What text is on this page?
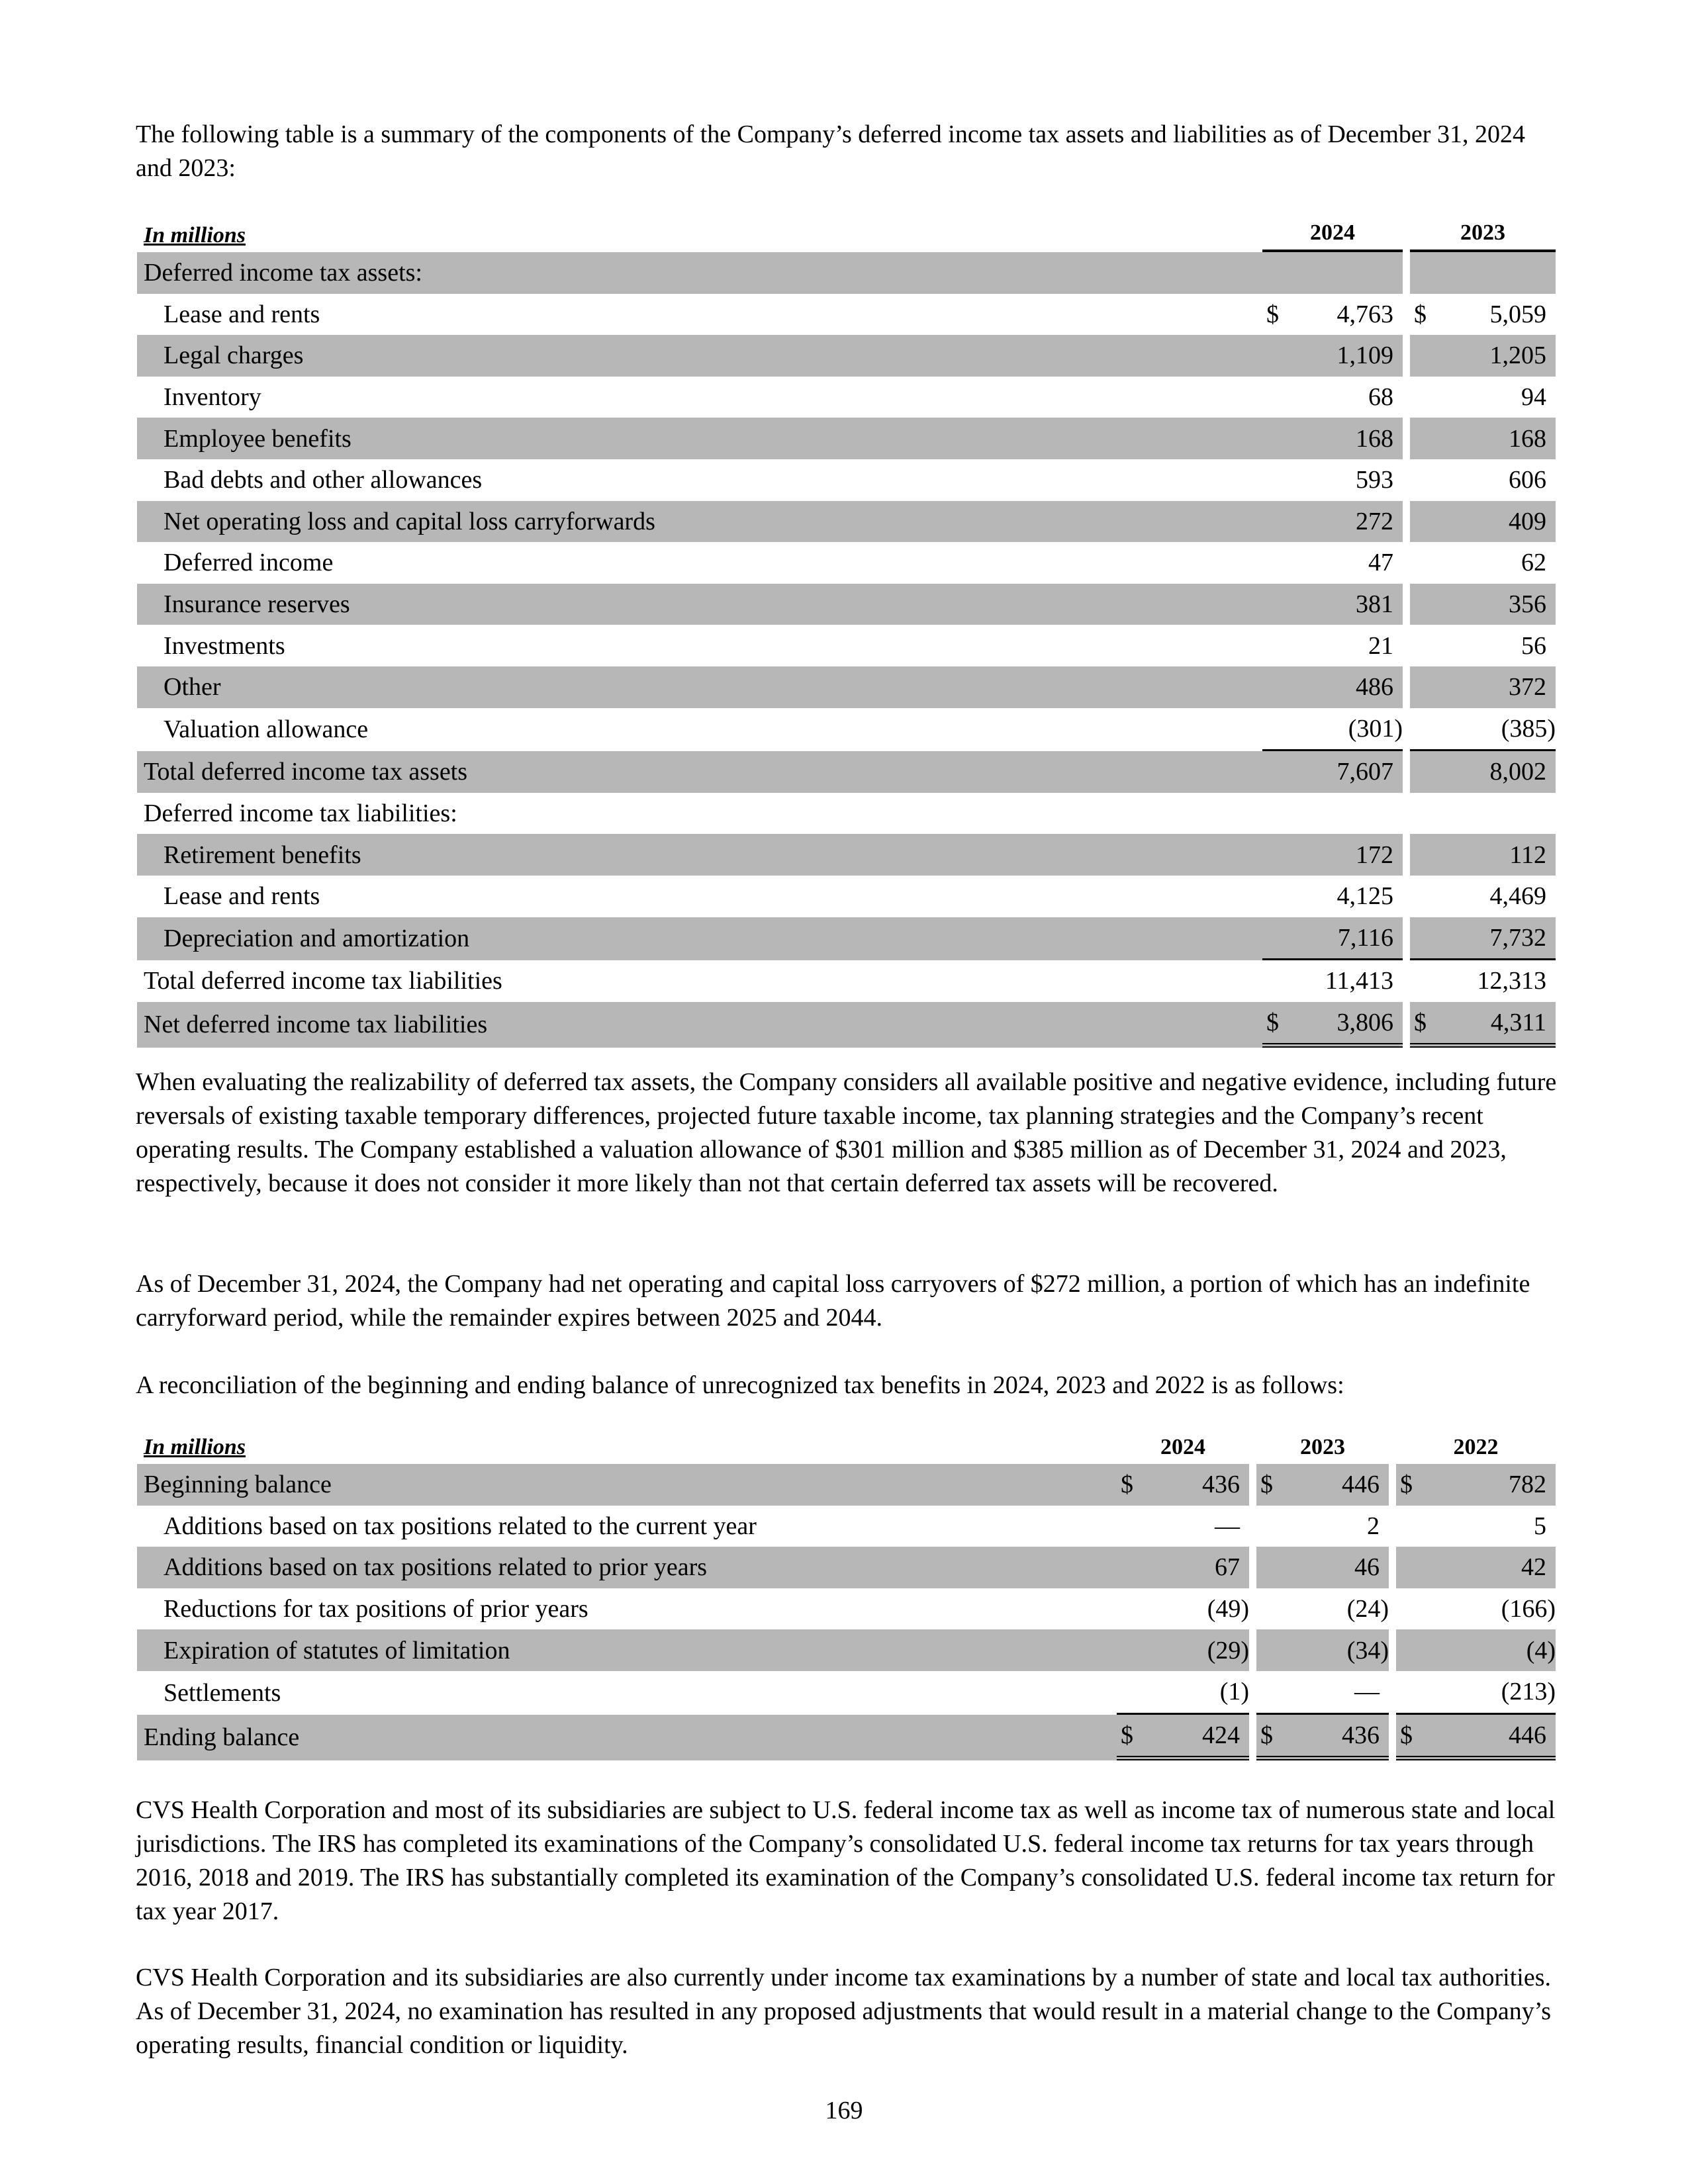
The following table is a summary of the components of the Company’s deferred income tax assets and liabilities as of December 31, 2024 and 2023:

In millions	2024			2023	
Deferred income tax assets:					
Lease and rents	$	4,763		$	5,059
Legal charges		1,109			1,205
Inventory		68			94
Employee benefits		168			168
Bad debts and other allowances		593			606
Net operating loss and capital loss carryforwards		272			409
Deferred income		47			62
Insurance reserves		381			356
Investments		21			56
Other		486			372
Valuation allowance		(301)			(385)
Total deferred income tax assets		7,607			8,002
Deferred income tax liabilities:					
Retirement benefits		172			112
Lease and rents		4,125			4,469
Depreciation and amortization		7,116			7,732
Total deferred income tax liabilities		11,413			12,313
Net deferred income tax liabilities	$	3,806		$	4,311

When evaluating the realizability of deferred tax assets, the Company considers all available positive and negative evidence, including future reversals of existing taxable temporary differences, projected future taxable income, tax planning strategies and the Company’s recent operating results. The Company established a valuation allowance of $301 million and $385 million as of December 31, 2024 and 2023, respectively, because it does not consider it more likely than not that certain deferred tax assets will be recovered.

As of December 31, 2024, the Company had net operating and capital loss carryovers of $272 million, a portion of which has an indefinite carryforward period, while the remainder expires between 2025 and 2044.

A reconciliation of the beginning and ending balance of unrecognized tax benefits in 2024, 2023 and 2022 is as follows:

In millions	2024			2023			2022	
Beginning balance	$	436		$	446		$	782
Additions based on tax positions related to the current year		—			2			5
Additions based on tax positions related to prior years		67			46			42
Reductions for tax positions of prior years		(49)			(24)			(166)
Expiration of statutes of limitation		(29)			(34)			(4)
Settlements		(1)			—			(213)
Ending balance	$	424		$	436		$	446

CVS Health Corporation and most of its subsidiaries are subject to U.S. federal income tax as well as income tax of numerous state and local jurisdictions. The IRS has completed its examinations of the Company’s consolidated U.S. federal income tax returns for tax years through 2016, 2018 and 2019. The IRS has substantially completed its examination of the Company’s consolidated U.S. federal income tax return for tax year 2017.

CVS Health Corporation and its subsidiaries are also currently under income tax examinations by a number of state and local tax authorities. As of December 31, 2024, no examination has resulted in any proposed adjustments that would result in a material change to the Company’s operating results, financial condition or liquidity.

169
